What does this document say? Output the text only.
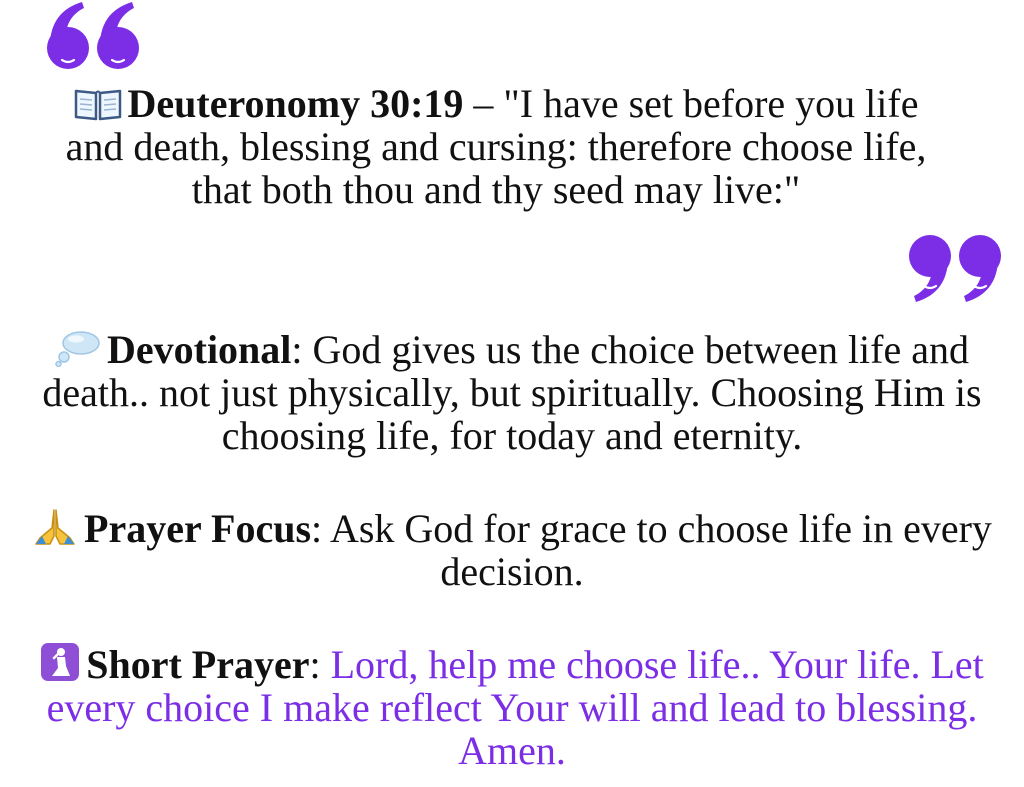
Deuteronomy 30:19 – "I have set before you life and death, blessing and cursing: therefore choose life, that both thou and thy seed may live:"
Devotional: God gives us the choice between life and death.. not just physically, but spiritually. Choosing Him is choosing life, for today and eternity.
Prayer Focus: Ask God for grace to choose life in every decision.
Short Prayer: Lord, help me choose life.. Your life. Let every choice I make reflect Your will and lead to blessing. Amen.
